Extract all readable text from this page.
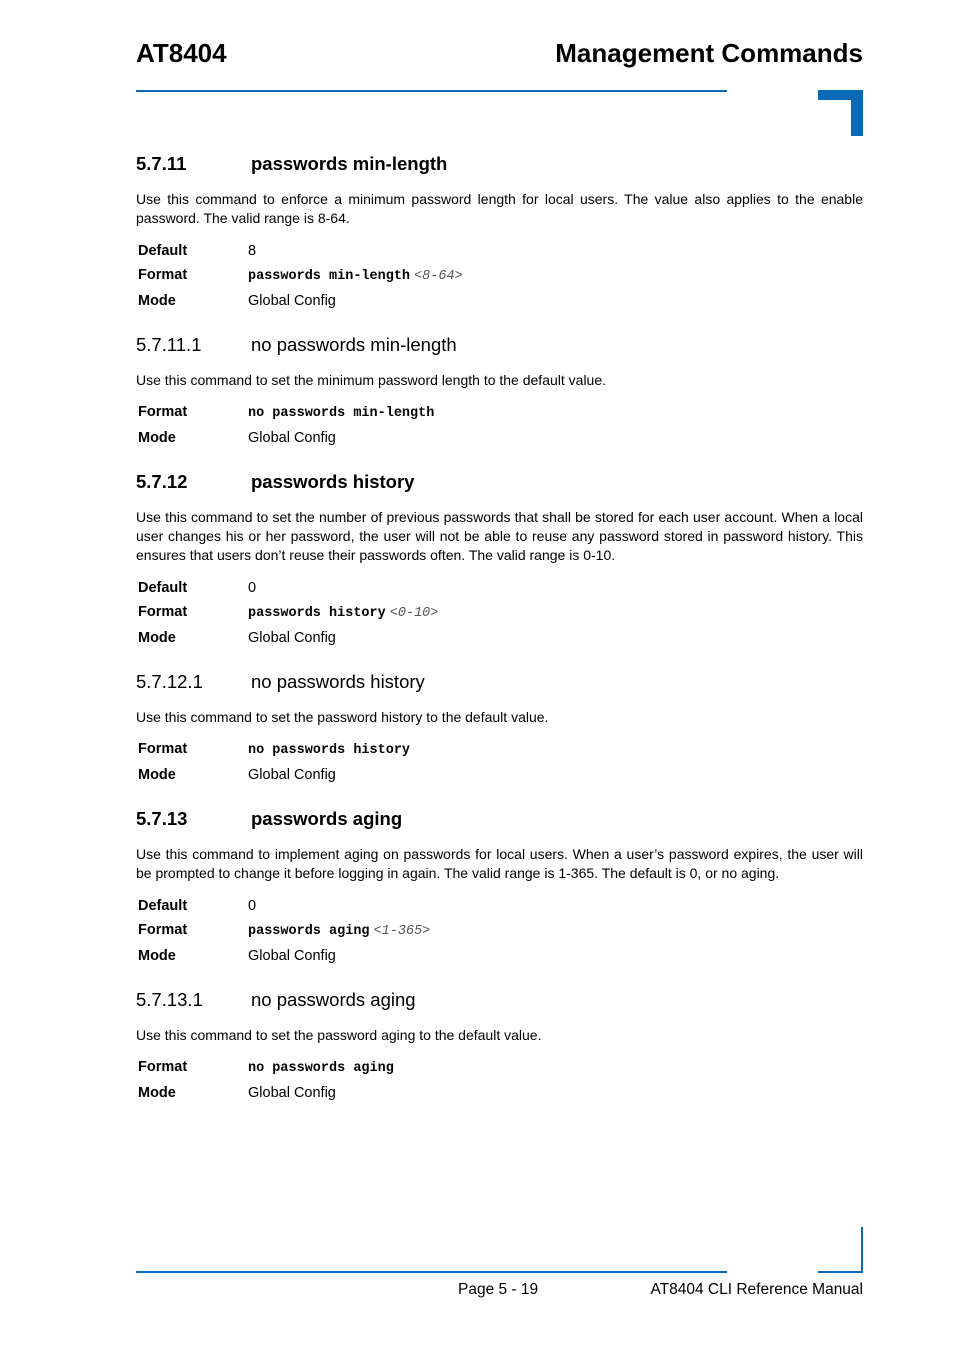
AT8404	Management Commands
5.7.11	passwords min-length
Use this command to enforce a minimum password length for local users. The value also applies to the enable password. The valid range is 8-64.
Default	8
Format	passwords min-length <8-64>
Mode	Global Config
5.7.11.1	no passwords min-length
Use this command to set the minimum password length to the default value.
Format	no passwords min-length
Mode	Global Config
5.7.12	passwords history
Use this command to set the number of previous passwords that shall be stored for each user account. When a local user changes his or her password, the user will not be able to reuse any password stored in password history. This ensures that users don’t reuse their passwords often. The valid range is 0-10.
Default	0
Format	passwords history <0-10>
Mode	Global Config
5.7.12.1	no passwords history
Use this command to set the password history to the default value.
Format	no passwords history
Mode	Global Config
5.7.13	passwords aging
Use this command to implement aging on passwords for local users. When a user’s password expires, the user will be prompted to change it before logging in again. The valid range is 1-365. The default is 0, or no aging.
Default	0
Format	passwords aging <1-365>
Mode	Global Config
5.7.13.1	no passwords aging
Use this command to set the password aging to the default value.
Format	no passwords aging
Mode	Global Config
Page 5 - 19	AT8404 CLI Reference Manual
